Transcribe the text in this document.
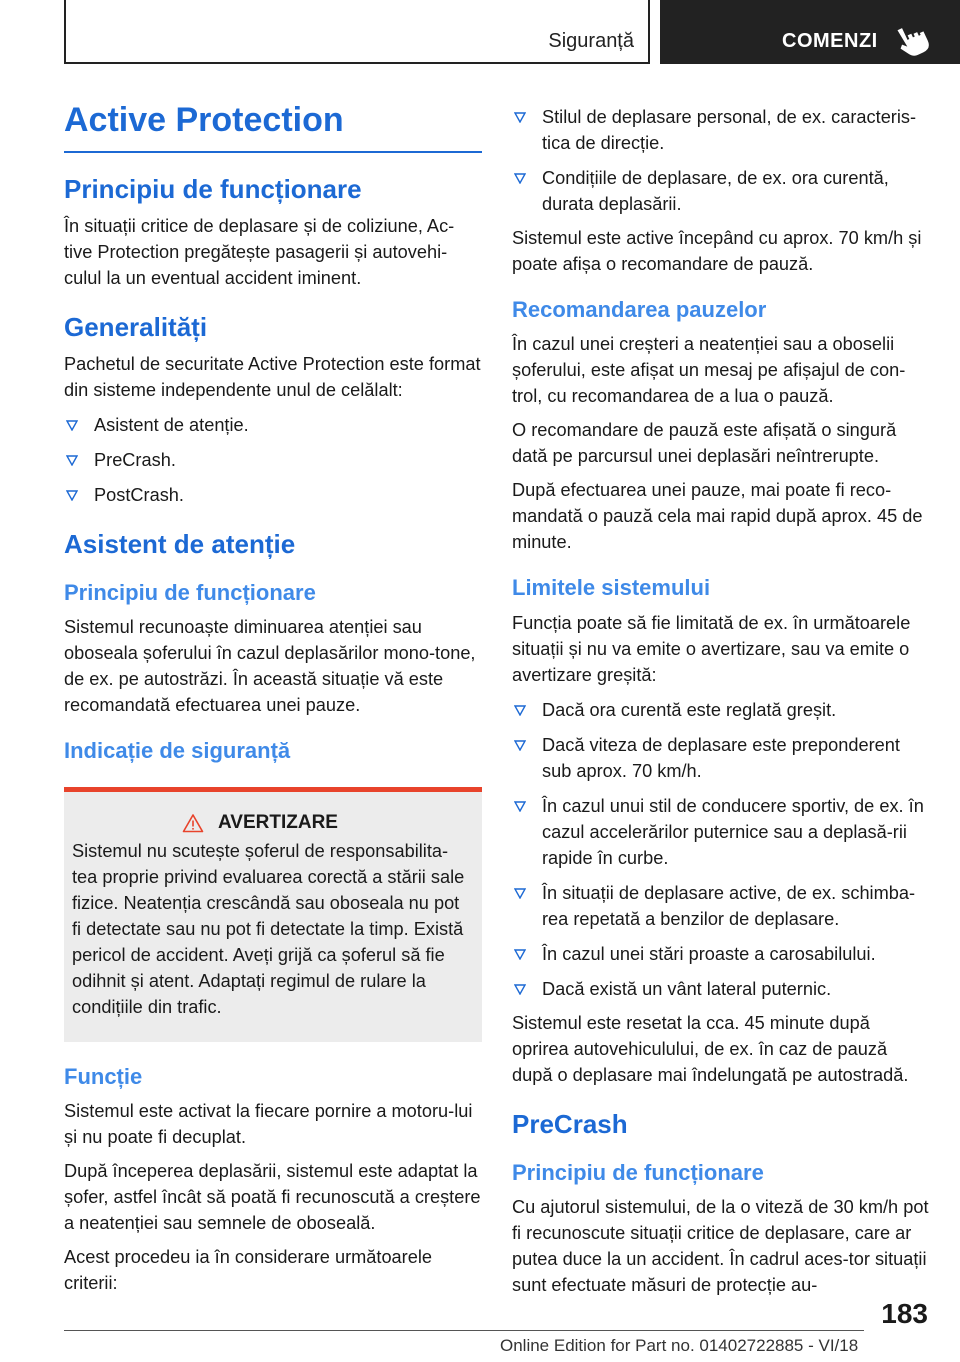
Siguranță	COMENZI
Active Protection
Principiu de funcționare

În situații critice de deplasare și de coliziune, Ac-tive Protection pregătește pasagerii și autovehi-culul la un eventual accident iminent.

Generalități

Pachetul de securitate Active Protection este format din sisteme independente unul de celălalt:

Asistent de atenție.
PreCrash.
PostCrash.
Asistent de atenție
Principiu de funcționare

Sistemul recunoaște diminuarea atenției sau oboseala șoferului în cazul deplasărilor mono-tone, de ex. pe autostrăzi. În această situație vă este recomandată efectuarea unei pauze.

Indicație de siguranță
AVERTIZARE

Sistemul nu scutește șoferul de responsabilita-tea proprie privind evaluarea corectă a stării sale fizice. Neatenția crescândă sau oboseala nu pot fi detectate sau nu pot fi detectate la timp. Există pericol de accident. Aveți grijă ca șoferul să fie odihnit și atent. Adaptați regimul de rulare la condițiile din trafic.

Funcție

Sistemul este activat la fiecare pornire a motoru-lui și nu poate fi decuplat.

După începerea deplasării, sistemul este adaptat la șofer, astfel încât să poată fi recunoscută a creștere a neatenției sau semnele de oboseală.

Acest procedeu ia în considerare următoarele criterii:

Stilul de deplasare personal, de ex. caracteris-tica de direcție.
Condițiile de deplasare, de ex. ora curentă, durata deplasării.

Sistemul este active începând cu aprox. 70 km/h și poate afișa o recomandare de pauză.

Recomandarea pauzelor

În cazul unei creșteri a neatenției sau a oboselii șoferului, este afișat un mesaj pe afișajul de con-trol, cu recomandarea de a lua o pauză.

O recomandare de pauză este afișată o singură dată pe parcursul unei deplasări neîntrerupte.

După efectuarea unei pauze, mai poate fi reco-mandată o pauză cela mai rapid după aprox. 45 de minute.

Limitele sistemului

Funcția poate să fie limitată de ex. în următoarele situații și nu va emite o avertizare, sau va emite o avertizare greșită:

Dacă ora curentă este reglată greșit.
Dacă viteza de deplasare este preponderent sub aprox. 70 km/h.
În cazul unui stil de conducere sportiv, de ex. în cazul accelerărilor puternice sau a deplasă-rii rapide în curbe.
În situații de deplasare active, de ex. schimba-rea repetată a benzilor de deplasare.
În cazul unei stări proaste a carosabilului.
Dacă există un vânt lateral puternic.

Sistemul este resetat la cca. 45 minute după oprirea autovehiculului, de ex. în caz de pauză după o deplasare mai îndelungată pe autostradă.

PreCrash
Principiu de funcționare

Cu ajutorul sistemului, de la o viteză de 30 km/h pot fi recunoscute situații critice de deplasare, care ar putea duce la un accident. În cadrul aces-tor situații sunt efectuate măsuri de protecție au-

183
Online Edition for Part no. 01402722885 - VI/18
